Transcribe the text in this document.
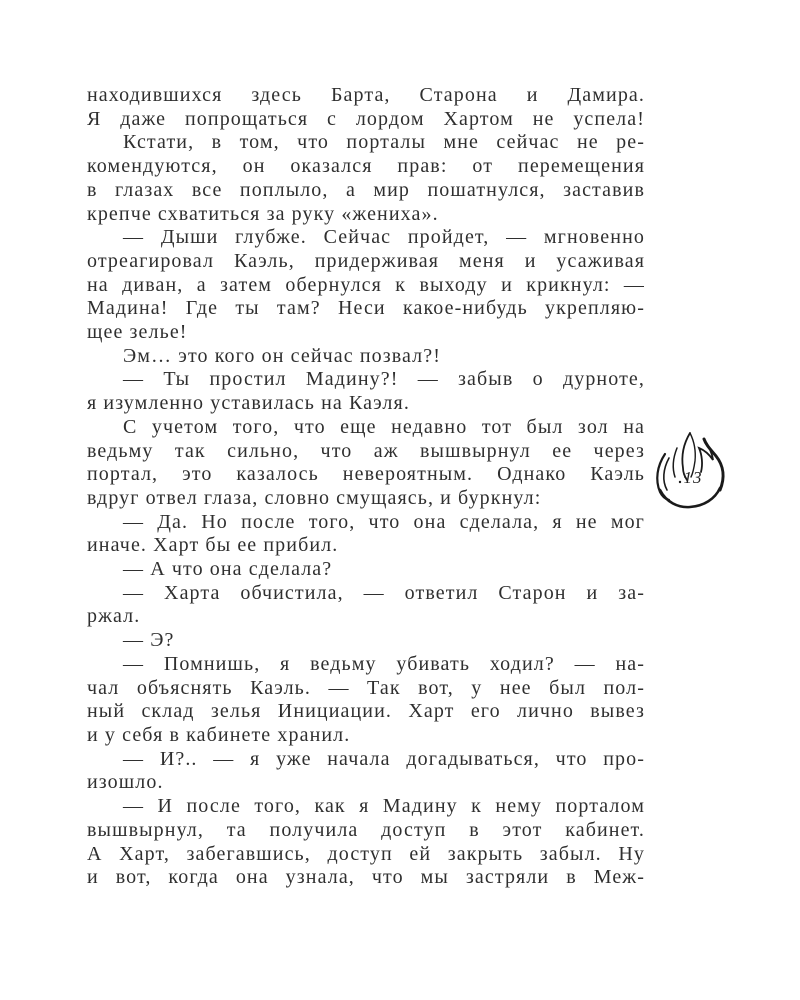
находившихся здесь Барта, Старона и Дамира.
Я даже попрощаться с лордом Хартом не успела!
Кстати, в том, что порталы мне сейчас не ре-
комендуются, он оказался прав: от перемещения
в глазах все поплыло, а мир пошатнулся, заставив
крепче схватиться за руку «жениха».
— Дыши глубже. Сейчас пройдет, — мгновенно
отреагировал Каэль, придерживая меня и усаживая
на диван, а затем обернулся к выходу и крикнул: —
Мадина! Где ты там? Неси какое-нибудь укрепляю-
щее зелье!
Эм… это кого он сейчас позвал?!
— Ты простил Мадину?! — забыв о дурноте,
я изумленно уставилась на Каэля.
С учетом того, что еще недавно тот был зол на
ведьму так сильно, что аж вышвырнул ее через
портал, это казалось невероятным. Однако Каэль
вдруг отвел глаза, словно смущаясь, и буркнул:
— Да. Но после того, что она сделала, я не мог
иначе. Харт бы ее прибил.
— А что она сделала?
— Харта обчистила, — ответил Старон и за-
ржал.
— Э?
— Помнишь, я ведьму убивать ходил? — на-
чал объяснять Каэль. — Так вот, у нее был пол-
ный склад зелья Инициации. Харт его лично вывез
и у себя в кабинете хранил.
— И?.. — я уже начала догадываться, что про-
изошло.
— И после того, как я Мадину к нему порталом
вышвырнул, та получила доступ в этот кабинет.
А Харт, забегавшись, доступ ей закрыть забыл. Ну
и вот, когда она узнала, что мы застряли в Меж-
13
